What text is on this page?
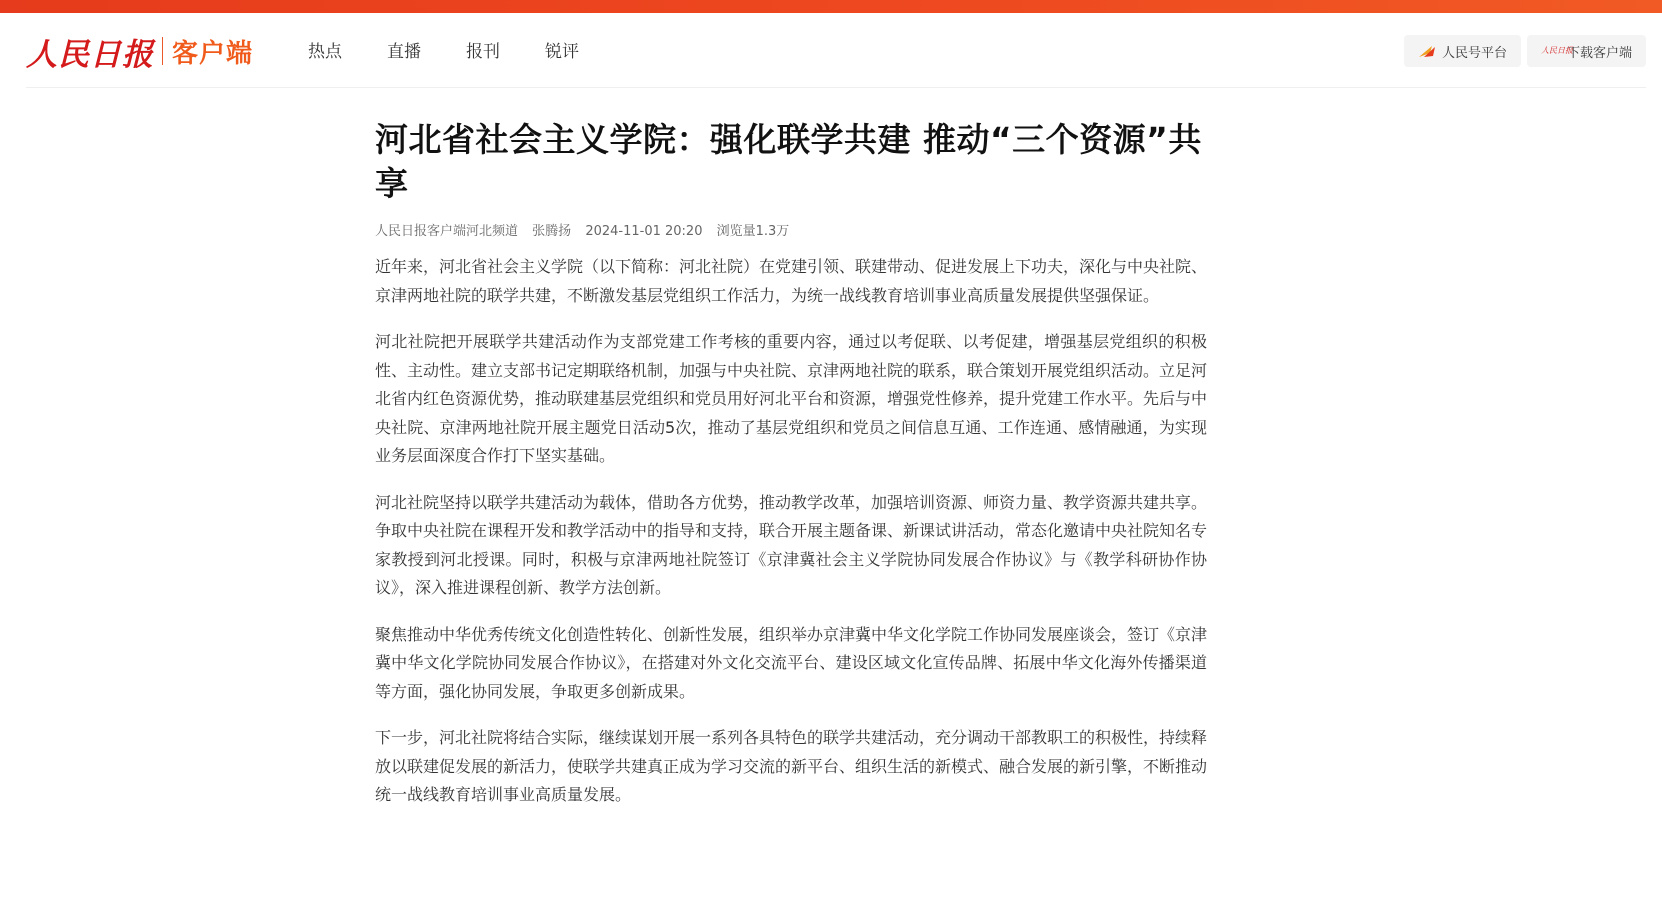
人民日报 客户端	热点	直播	报刊	锐评	人民号平台	人民日报
下载客户端
河北省社会主义学院：强化联学共建 推动“三个资源”共享
人民日报客户端河北频道 张腾扬 2024-11-01 20:20 浏览量1.3万

近年来，河北省社会主义学院（以下简称：河北社院）在党建引领、联建带动、促进发展上下功夫，深化与中央社院、京津两地社院的联学共建，不断激发基层党组织工作活力，为统一战线教育培训事业高质量发展提供坚强保证。

河北社院把开展联学共建活动作为支部党建工作考核的重要内容，通过以考促联、以考促建，增强基层党组织的积极性、主动性。建立支部书记定期联络机制，加强与中央社院、京津两地社院的联系，联合策划开展党组织活动。立足河北省内红色资源优势，推动联建基层党组织和党员用好河北平台和资源，增强党性修养，提升党建工作水平。先后与中央社院、京津两地社院开展主题党日活动5次，推动了基层党组织和党员之间信息互通、工作连通、感情融通，为实现业务层面深度合作打下坚实基础。

河北社院坚持以联学共建活动为载体，借助各方优势，推动教学改革，加强培训资源、师资力量、教学资源共建共享。争取中央社院在课程开发和教学活动中的指导和支持，联合开展主题备课、新课试讲活动，常态化邀请中央社院知名专家教授到河北授课。同时，积极与京津两地社院签订《京津冀社会主义学院协同发展合作协议》与《教学科研协作协议》，深入推进课程创新、教学方法创新。

聚焦推动中华优秀传统文化创造性转化、创新性发展，组织举办京津冀中华文化学院工作协同发展座谈会，签订《京津冀中华文化学院协同发展合作协议》，在搭建对外文化交流平台、建设区域文化宣传品牌、拓展中华文化海外传播渠道等方面，强化协同发展，争取更多创新成果。

下一步，河北社院将结合实际，继续谋划开展一系列各具特色的联学共建活动，充分调动干部教职工的积极性，持续释放以联建促发展的新活力，使联学共建真正成为学习交流的新平台、组织生活的新模式、融合发展的新引擎，不断推动统一战线教育培训事业高质量发展。
